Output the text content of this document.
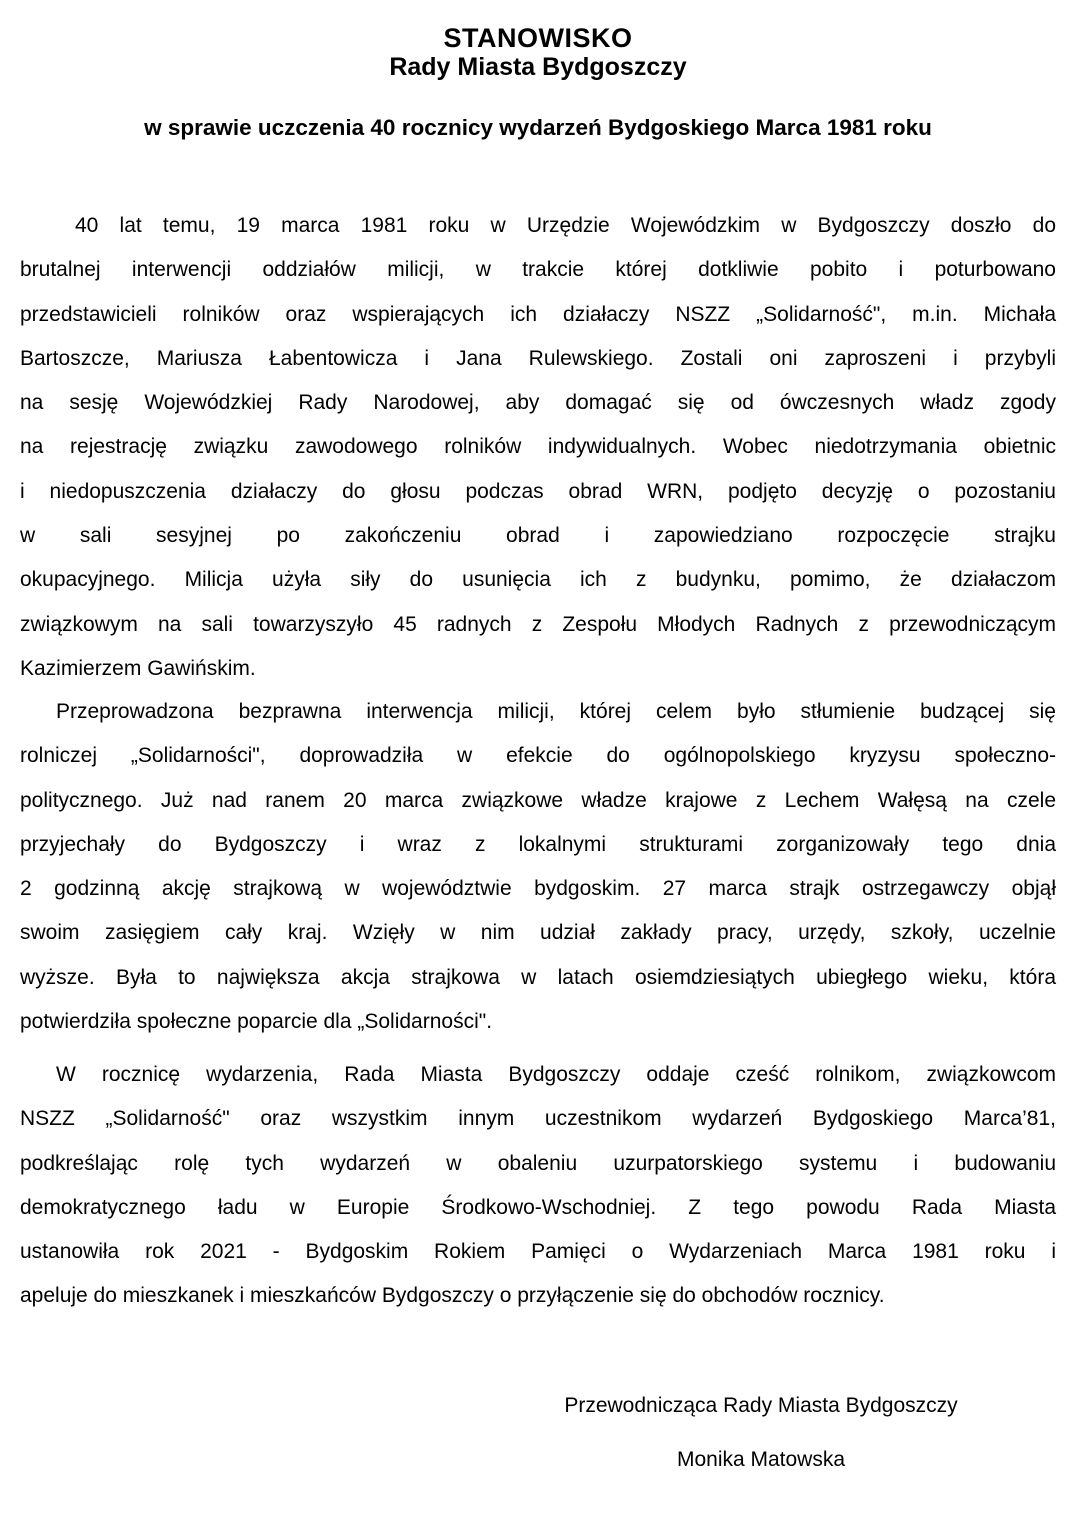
STANOWISKO
Rady Miasta Bydgoszczy
w sprawie uczczenia 40 rocznicy wydarzeń Bydgoskiego Marca 1981 roku
40 lat temu, 19 marca 1981 roku w Urzędzie Wojewódzkim w Bydgoszczy doszło do
brutalnej interwencji oddziałów milicji, w trakcie której dotkliwie pobito i poturbowano
przedstawicieli rolników oraz wspierających ich działaczy NSZZ „Solidarność", m.in. Michała
Bartoszcze, Mariusza Łabentowicza i Jana Rulewskiego. Zostali oni zaproszeni i przybyli
na sesję Wojewódzkiej Rady Narodowej, aby domagać się od ówczesnych władz zgody
na rejestrację związku zawodowego rolników indywidualnych. Wobec niedotrzymania obietnic
i niedopuszczenia działaczy do głosu podczas obrad WRN, podjęto decyzję o pozostaniu
w sali sesyjnej po zakończeniu obrad i zapowiedziano rozpoczęcie strajku
okupacyjnego. Milicja użyła siły do usunięcia ich z budynku, pomimo, że działaczom
związkowym na sali towarzyszyło 45 radnych z Zespołu Młodych Radnych z przewodniczącym
Kazimierzem Gawińskim.
Przeprowadzona bezprawna interwencja milicji, której celem było stłumienie budzącej się
rolniczej „Solidarności", doprowadziła w efekcie do ogólnopolskiego kryzysu społeczno-
politycznego. Już nad ranem 20 marca związkowe władze krajowe z Lechem Wałęsą na czele
przyjechały do Bydgoszczy i wraz z lokalnymi strukturami zorganizowały tego dnia
2 godzinną akcję strajkową w województwie bydgoskim. 27 marca strajk ostrzegawczy objął
swoim zasięgiem cały kraj. Wzięły w nim udział zakłady pracy, urzędy, szkoły, uczelnie
wyższe. Była to największa akcja strajkowa w latach osiemdziesiątych ubiegłego wieku, która
potwierdziła społeczne poparcie dla „Solidarności".
W rocznicę wydarzenia, Rada Miasta Bydgoszczy oddaje cześć rolnikom, związkowcom
NSZZ „Solidarność" oraz wszystkim innym uczestnikom wydarzeń Bydgoskiego Marca’81,
podkreślając rolę tych wydarzeń w obaleniu uzurpatorskiego systemu i budowaniu
demokratycznego ładu w Europie Środkowo-Wschodniej. Z tego powodu Rada Miasta
ustanowiła rok 2021 - Bydgoskim Rokiem Pamięci o Wydarzeniach Marca 1981 roku i
apeluje do mieszkanek i mieszkańców Bydgoszczy o przyłączenie się do obchodów rocznicy.
Przewodnicząca Rady Miasta Bydgoszczy
Monika Matowska
